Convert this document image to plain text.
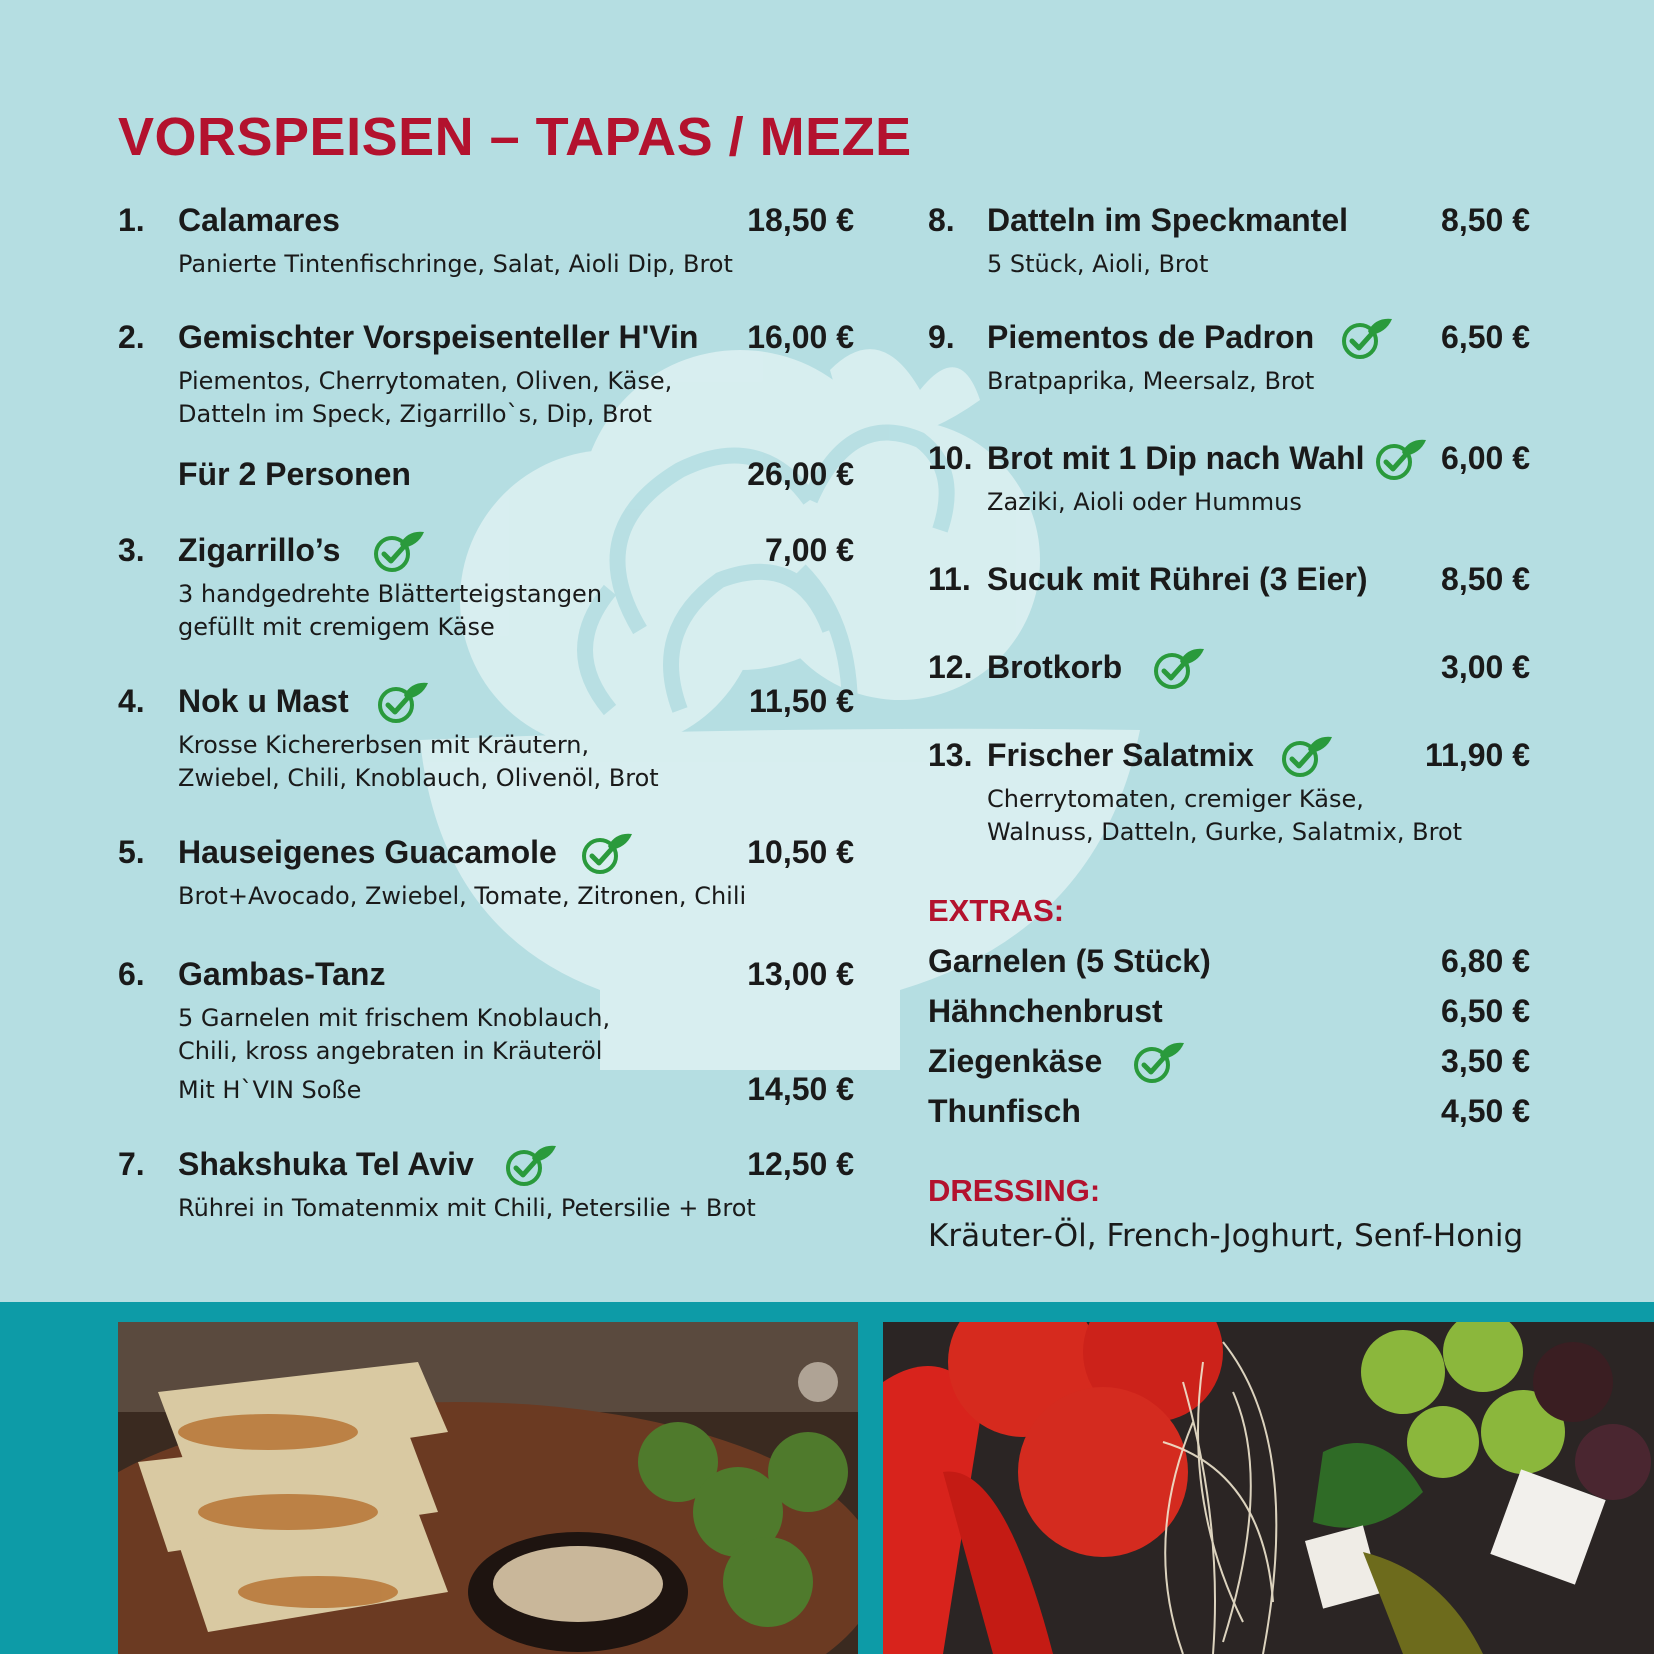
VORSPEISEN – TAPAS / MEZE
1. Calamares	18,50 €
Panierte Tintenfischringe, Salat, Aioli Dip, Brot
2. Gemischter Vorspeisenteller H'Vin 16,00 €
Piementos, Cherrytomaten, Oliven, Käse,
Datteln im Speck, Zigarrillo`s, Dip, Brot
Für 2 Personen	26,00 €
3. Zigarrillo’s	7,00 €
3 handgedrehte Blätterteigstangen
gefüllt mit cremigem Käse
4. Nok u Mast	11,50 €
Krosse Kichererbsen mit Kräutern,
Zwiebel, Chili, Knoblauch, Olivenöl, Brot
5. Hauseigenes Guacamole	10,50 €
Brot+Avocado, Zwiebel, Tomate, Zitronen, Chili
6. Gambas-Tanz	13,00 €
5 Garnelen mit frischem Knoblauch,
Chili, kross angebraten in Kräuteröl
Mit H`VIN Soße	14,50 €
7. Shakshuka Tel Aviv	12,50 €
Rührei in Tomatenmix mit Chili, Petersilie + Brot
8. Datteln im Speckmantel	8,50 €
5 Stück, Aioli, Brot
9. Piementos de Padron	6,50 €
Bratpaprika, Meersalz, Brot
10. Brot mit 1 Dip nach Wahl 6,00 €
Zaziki, Aioli oder Hummus
11. Sucuk mit Rührei (3 Eier) 8,50 €
12. Brotkorb	3,00 €
13. Frischer Salatmix	11,90 €
Cherrytomaten, cremiger Käse,
Walnuss, Datteln, Gurke, Salatmix, Brot
EXTRAS:
Garnelen (5 Stück)	6,80 €
Hähnchenbrust	6,50 €
Ziegenkäse	3,50 €
Thunfisch	4,50 €
DRESSING:
Kräuter-Öl, French-Joghurt, Senf-Honig
